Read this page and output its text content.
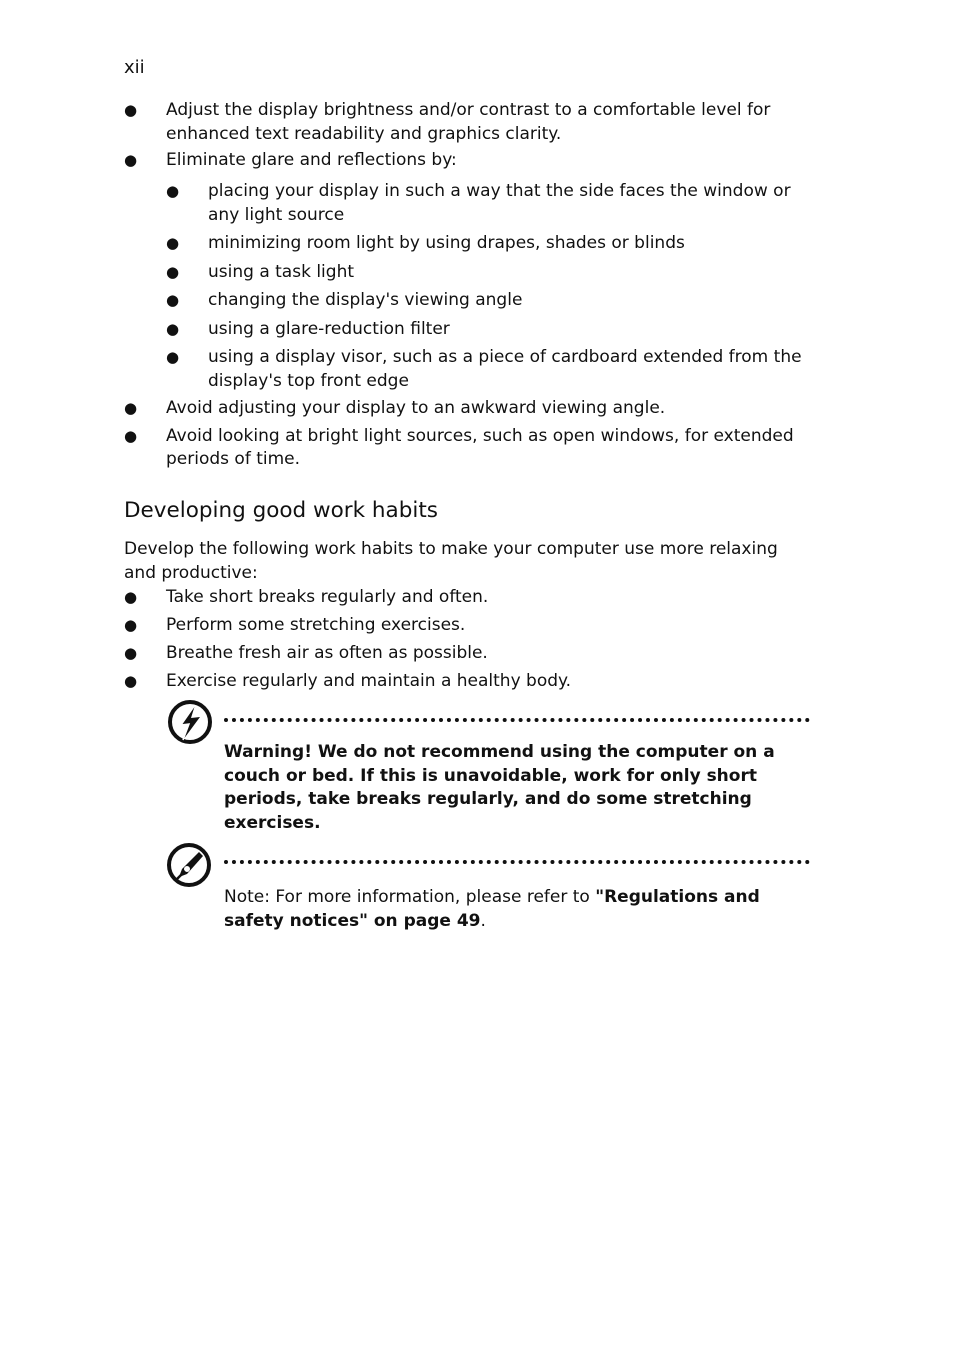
xii
● Adjust the display brightness and/or contrast to a comfortable level for enhanced text readability and graphics clarity.
● Eliminate glare and reflections by:
● placing your display in such a way that the side faces the window or any light source
● minimizing room light by using drapes, shades or blinds
● using a task light
● changing the display's viewing angle
● using a glare-reduction filter
● using a display visor, such as a piece of cardboard extended from the display's top front edge
● Avoid adjusting your display to an awkward viewing angle.
● Avoid looking at bright light sources, such as open windows, for extended periods of time.
Developing good work habits

Develop the following work habits to make your computer use more relaxing and productive:

● Take short breaks regularly and often.
● Perform some stretching exercises.
● Breathe fresh air as often as possible.
● Exercise regularly and maintain a healthy body.

Warning! We do not recommend using the computer on a couch or bed. If this is unavoidable, work for only short periods, take breaks regularly, and do some stretching exercises.

Note: For more information, please refer to "Regulations and safety notices" on page 49.
